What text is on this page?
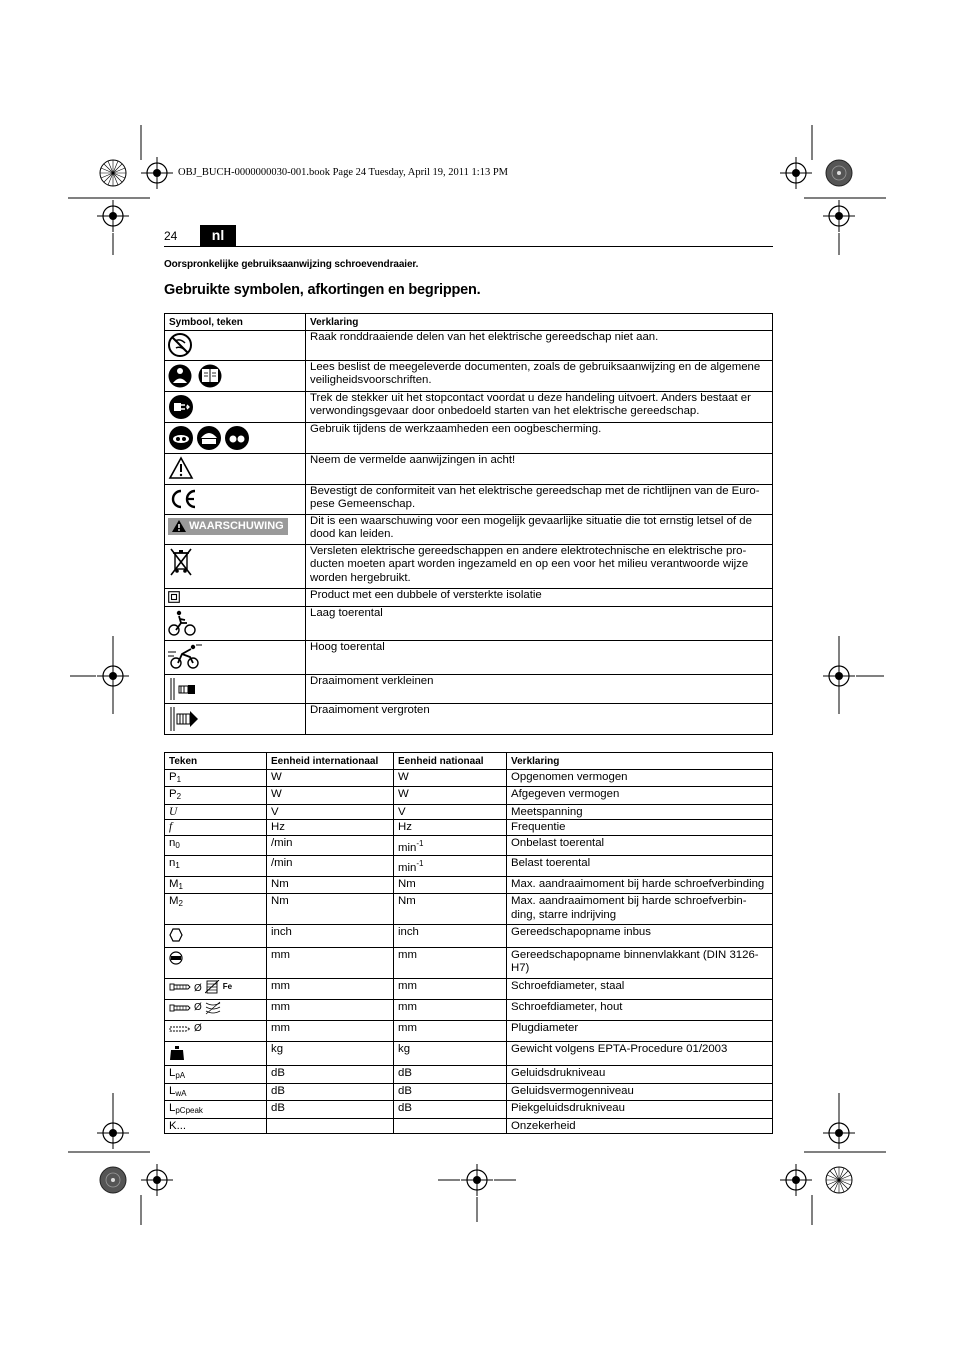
OBJ_BUCH-0000000030-001.book Page 24 Tuesday, April 19, 2011 1:13 PM
24	nl
Oorspronkelijke gebruiksaanwijzing schroevendraaier.
Gebruikte symbolen, afkortingen en begrippen.
Symbool, teken	Verklaring
	Raak ronddraaiende delen van het elektrische gereedschap niet aan.
	Lees beslist de meegeleverde documenten, zoals de gebruiksaanwijzing en de algemene veiligheidsvoorschriften.
	Trek de stekker uit het stopcontact voordat u deze handeling uitvoert. Anders bestaat er verwondingsgevaar door onbedoeld starten van het elektrische gereedschap.
	Gebruik tijdens de werkzaamheden een oogbescherming.
	Neem de vermelde aanwijzingen in acht!
	Bevestigt de conformiteit van het elektrische gereedschap met de richtlijnen van de Euro-pese Gemeenschap.

WAARSCHUWING	Dit is een waarschuwing voor een mogelijk gevaarlijke situatie die tot ernstig letsel of de dood kan leiden.
	Versleten elektrische gereedschappen en andere elektrotechnische en elektrische pro-ducten moeten apart worden ingezameld en op een voor het milieu verantwoorde wijze worden hergebruikt.
	Product met een dubbele of versterkte isolatie
	Laag toerental
	Hoog toerental
	Draaimoment verkleinen
	Draaimoment vergroten
Teken	Eenheid internationaal	Eenheid nationaal	Verklaring
$P_1$	W	W	Opgenomen vermogen
$P_2$	W	W	Afgegeven vermogen
U	V	V	Meetspanning
f	Hz	Hz	Frequentie
$n_0$	/min	$\min^{-1}$	Onbelast toerental
$n_1$	/min	$\min^{-1}$	Belast toerental
$M_1$	Nm	Nm	Max. aandraaimoment bij harde schroefverbinding
$M_2$	Nm	Nm	Max. aandraaimoment bij harde schroefverbin-ding, starre indrijving
	inch	inch	Gereedschapopname inbus
	mm	mm	Gereedschapopname binnenvlakkant (DIN 3126-H7)
Ø Fe	mm	mm	Schroefdiameter, staal
Ø	mm	mm	Schroefdiameter, hout
Ø	mm	mm	Plugdiameter
	kg	kg	Gewicht volgens EPTA-Procedure 01/2003
$L_{pA}$	dB	dB	Geluidsdrukniveau
$L_{wA}$	dB	dB	Geluidsvermogenniveau
$L_{pCpeak}$	dB	dB	Piekgeluidsdrukniveau
K...			Onzekerheid
